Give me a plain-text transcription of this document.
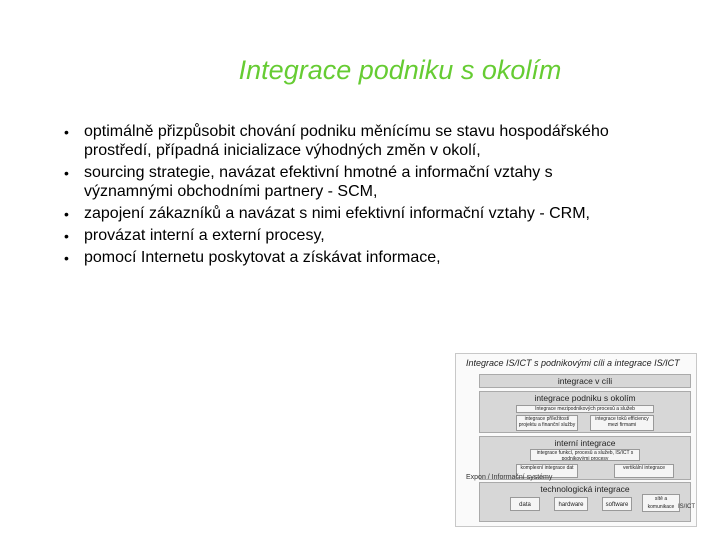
Integrace podniku s okolím
• optimálně přizpůsobit chování podniku měnícímu se stavu hospodářského prostředí, případná inicializace výhodných změn v okolí,
• sourcing strategie, navázat efektivní hmotné a informační vztahy s významnými obchodními partnery - SCM,
• zapojení zákazníků a navázat s nimi efektivní informační vztahy - CRM,
• provázat interní a externí procesy,
• pomocí Internetu poskytovat a získávat informace,
Integrace IS/ICT s podnikovými cíli a integrace IS/ICT
integrace v cíli
integrace podniku s okolím
Integrace mezipodnikových procesů a služeb
integrace příležitostí projektu a finanční služby
integrace toků efficiency mezi firmami
interní integrace
integrace funkcí, procesů a služeb, IS/ICT s podnikovými procesy
komplexní integrace dat	vertikální integrace
technologická integrace
data	hardware	software
sítě a komunikace
Expon / Informační systémy
IS/ICT
